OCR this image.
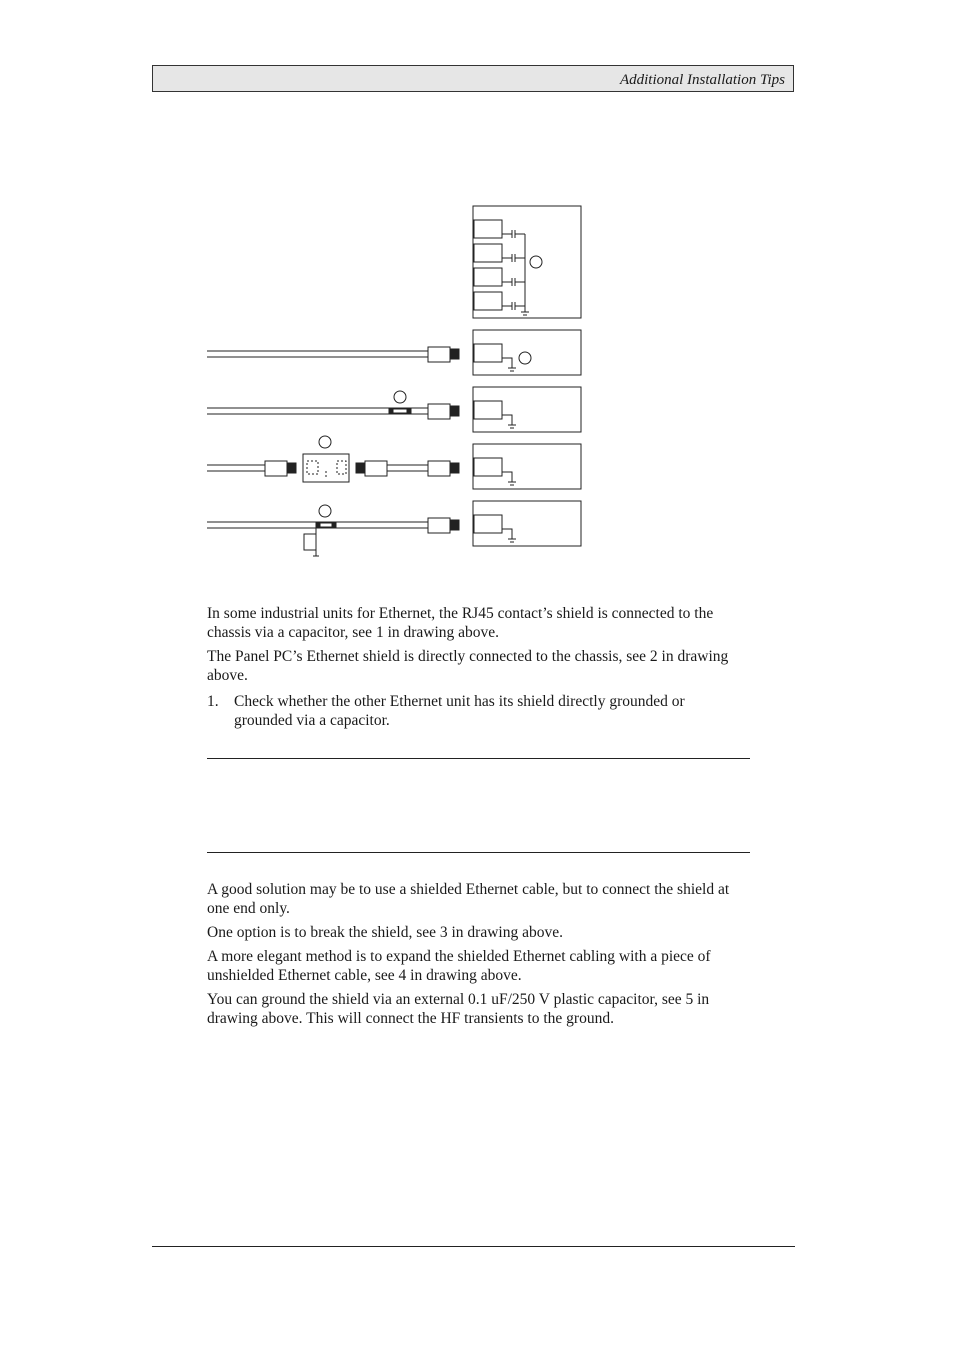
Additional Installation Tips

In some industrial units for Ethernet, the RJ45 contact’s shield is connected to the chassis via a capacitor, see 1 in drawing above.

The Panel PC’s Ethernet shield is directly connected to the chassis, see 2 in drawing above.

1. Check whether the other Ethernet unit has its shield directly grounded or grounded via a capacitor.

A good solution may be to use a shielded Ethernet cable, but to connect the shield at one end only.

One option is to break the shield, see 3 in drawing above.

A more elegant method is to expand the shielded Ethernet cabling with a piece of unshielded Ethernet cable, see 4 in drawing above.

You can ground the shield via an external 0.1 uF/250 V plastic capacitor, see 5 in drawing above. This will connect the HF transients to the ground.
